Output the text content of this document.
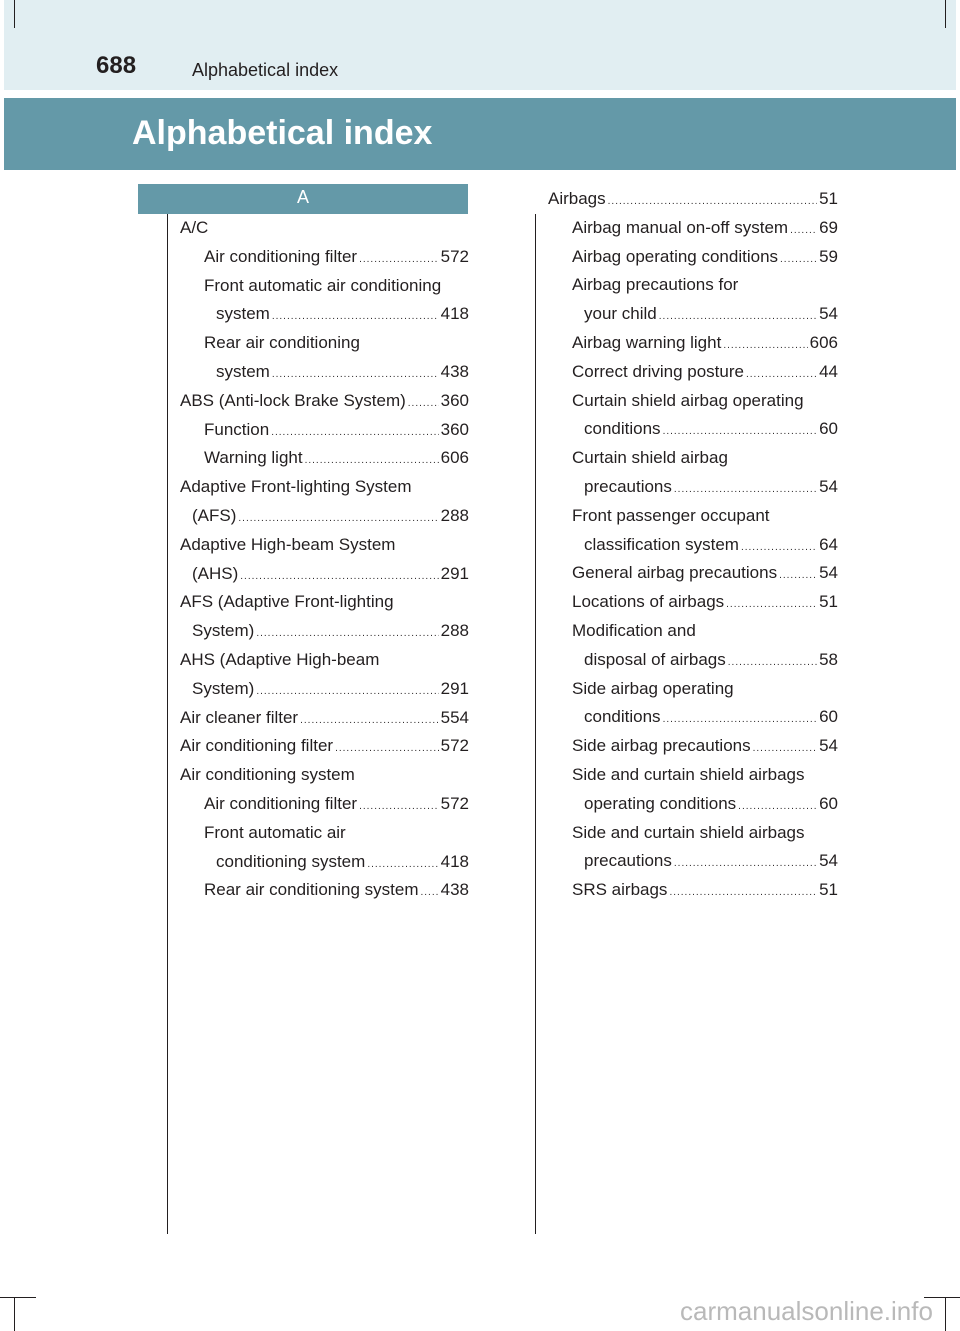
688	Alphabetical index
Alphabetical index
A
A/C
Air conditioning filter .....	572
Front automatic air conditioning
system .....	418
Rear air conditioning
system .....	438
ABS (Anti-lock Brake System) ..... 360
Function .....	360
Warning light .....	606
Adaptive Front-lighting System
(AFS) .....	288
Adaptive High-beam System
(AHS) .....	291
AFS (Adaptive Front-lighting
System) .....	288
AHS (Adaptive High-beam
System) .....	291
Air cleaner filter .....	554
Air conditioning filter .....	572
Air conditioning system
Air conditioning filter .....	572
Front automatic air
conditioning system .....	418
Rear air conditioning system ..... 438
Airbags .....	51
Airbag manual on-off system ..... 69
Airbag operating conditions ..... 59
Airbag precautions for
your child .....	54
Airbag warning light .....	606
Correct driving posture .....	44
Curtain shield airbag operating
conditions .....	60
Curtain shield airbag
precautions .....	54
Front passenger occupant
classification system .....	64
General airbag precautions ..... 54
Locations of airbags .....	51
Modification and
disposal of airbags .....	58
Side airbag operating
conditions .....	60
Side airbag precautions .....	54
Side and curtain shield airbags
operating conditions .....	60
Side and curtain shield airbags
precautions .....	54
SRS airbags .....	51
carmanualsonline.info
